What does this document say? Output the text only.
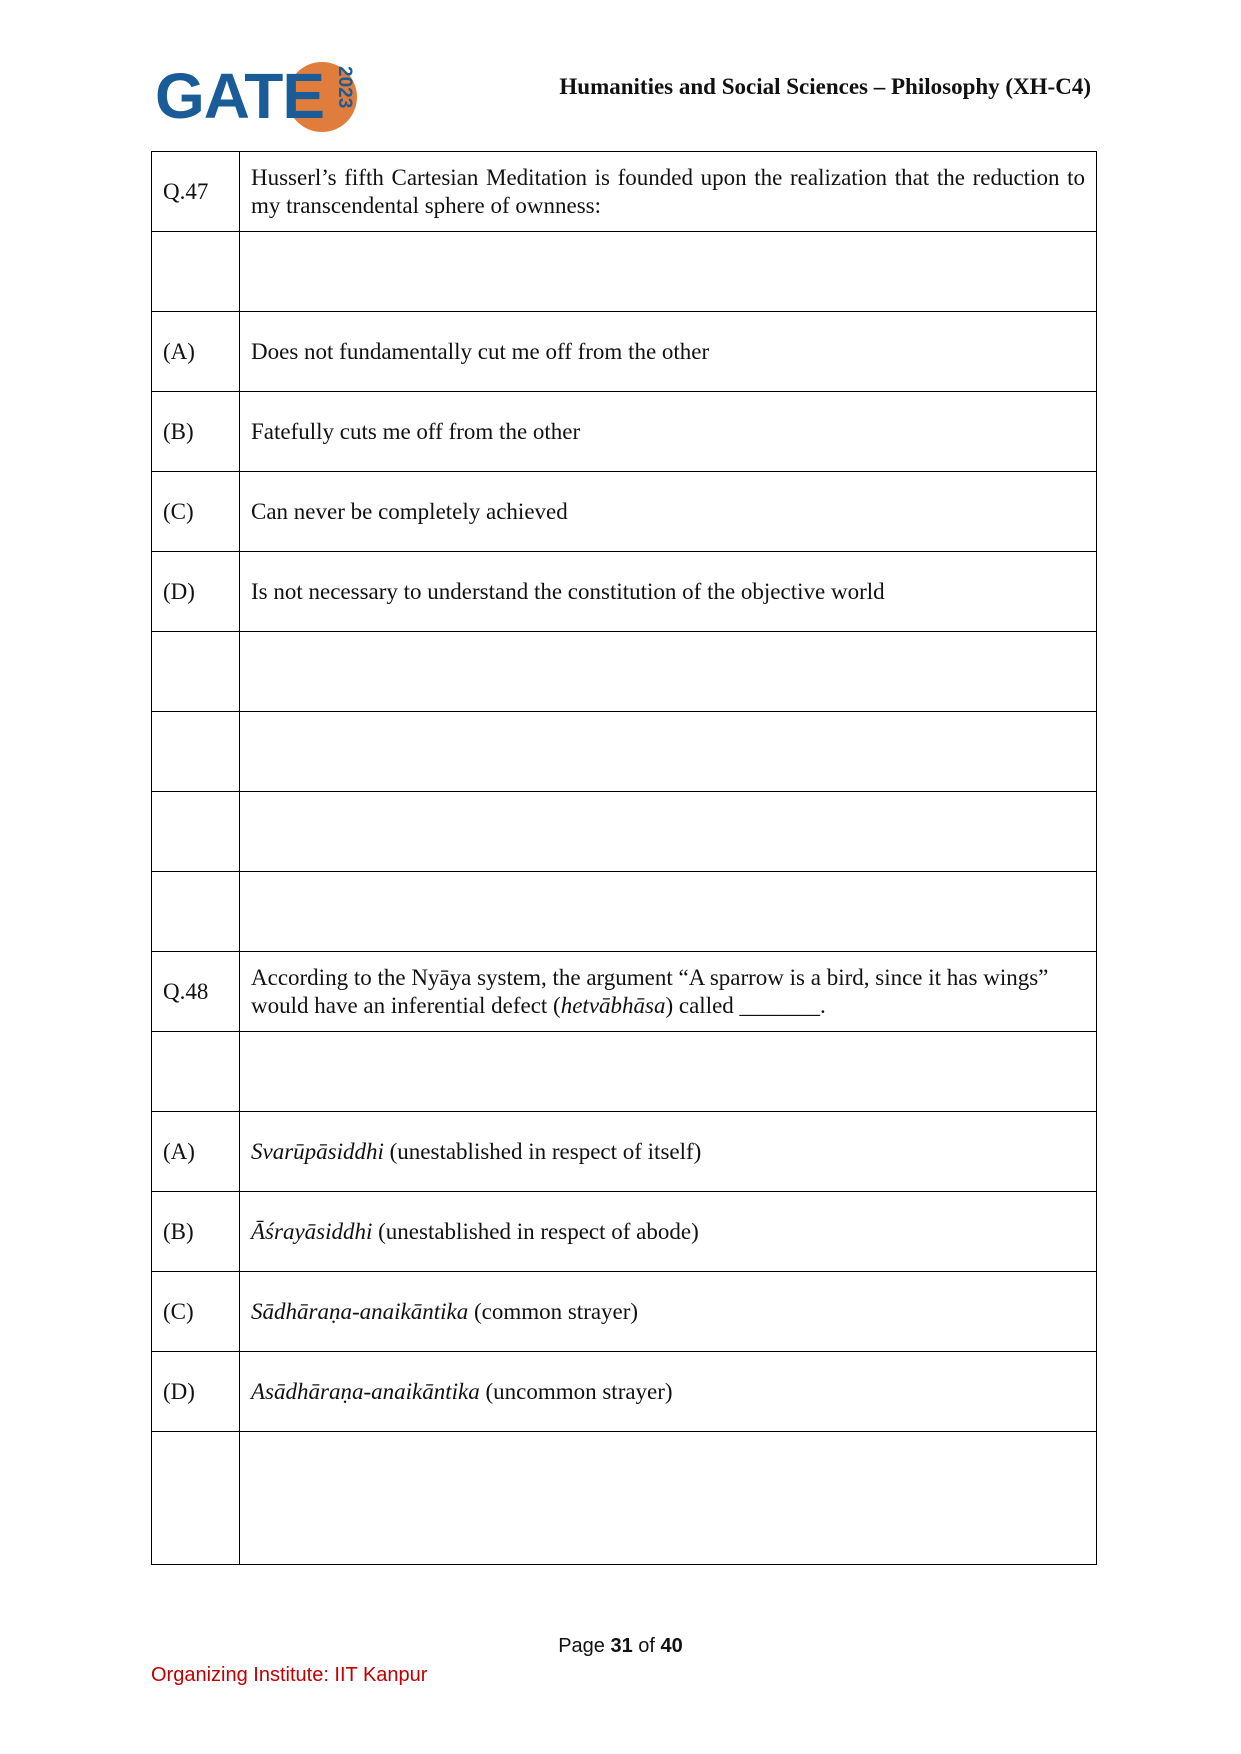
GATE 2023	Humanities and Social Sciences – Philosophy (XH-C4)
Q.47	Husserl’s fifth Cartesian Meditation is founded upon the realization that the reduction to my transcendental sphere of ownness:

(A)	Does not fundamentally cut me off from the other
(B)	Fatefully cuts me off from the other
(C)	Can never be completely achieved
(D)	Is not necessary to understand the constitution of the objective world

Q.48	According to the Nyāya system, the argument “A sparrow is a bird, since it has wings” would have an inferential defect (hetvābhāsa) called _______.

(A)	Svarūpāsiddhi (unestablished in respect of itself)
(B)	Āśrayāsiddhi (unestablished in respect of abode)
(C)	Sādhāraṇa-anaikāntika (common strayer)
(D)	Asādhāraṇa-anaikāntika (uncommon strayer)

Page 31 of 40
Organizing Institute: IIT Kanpur
